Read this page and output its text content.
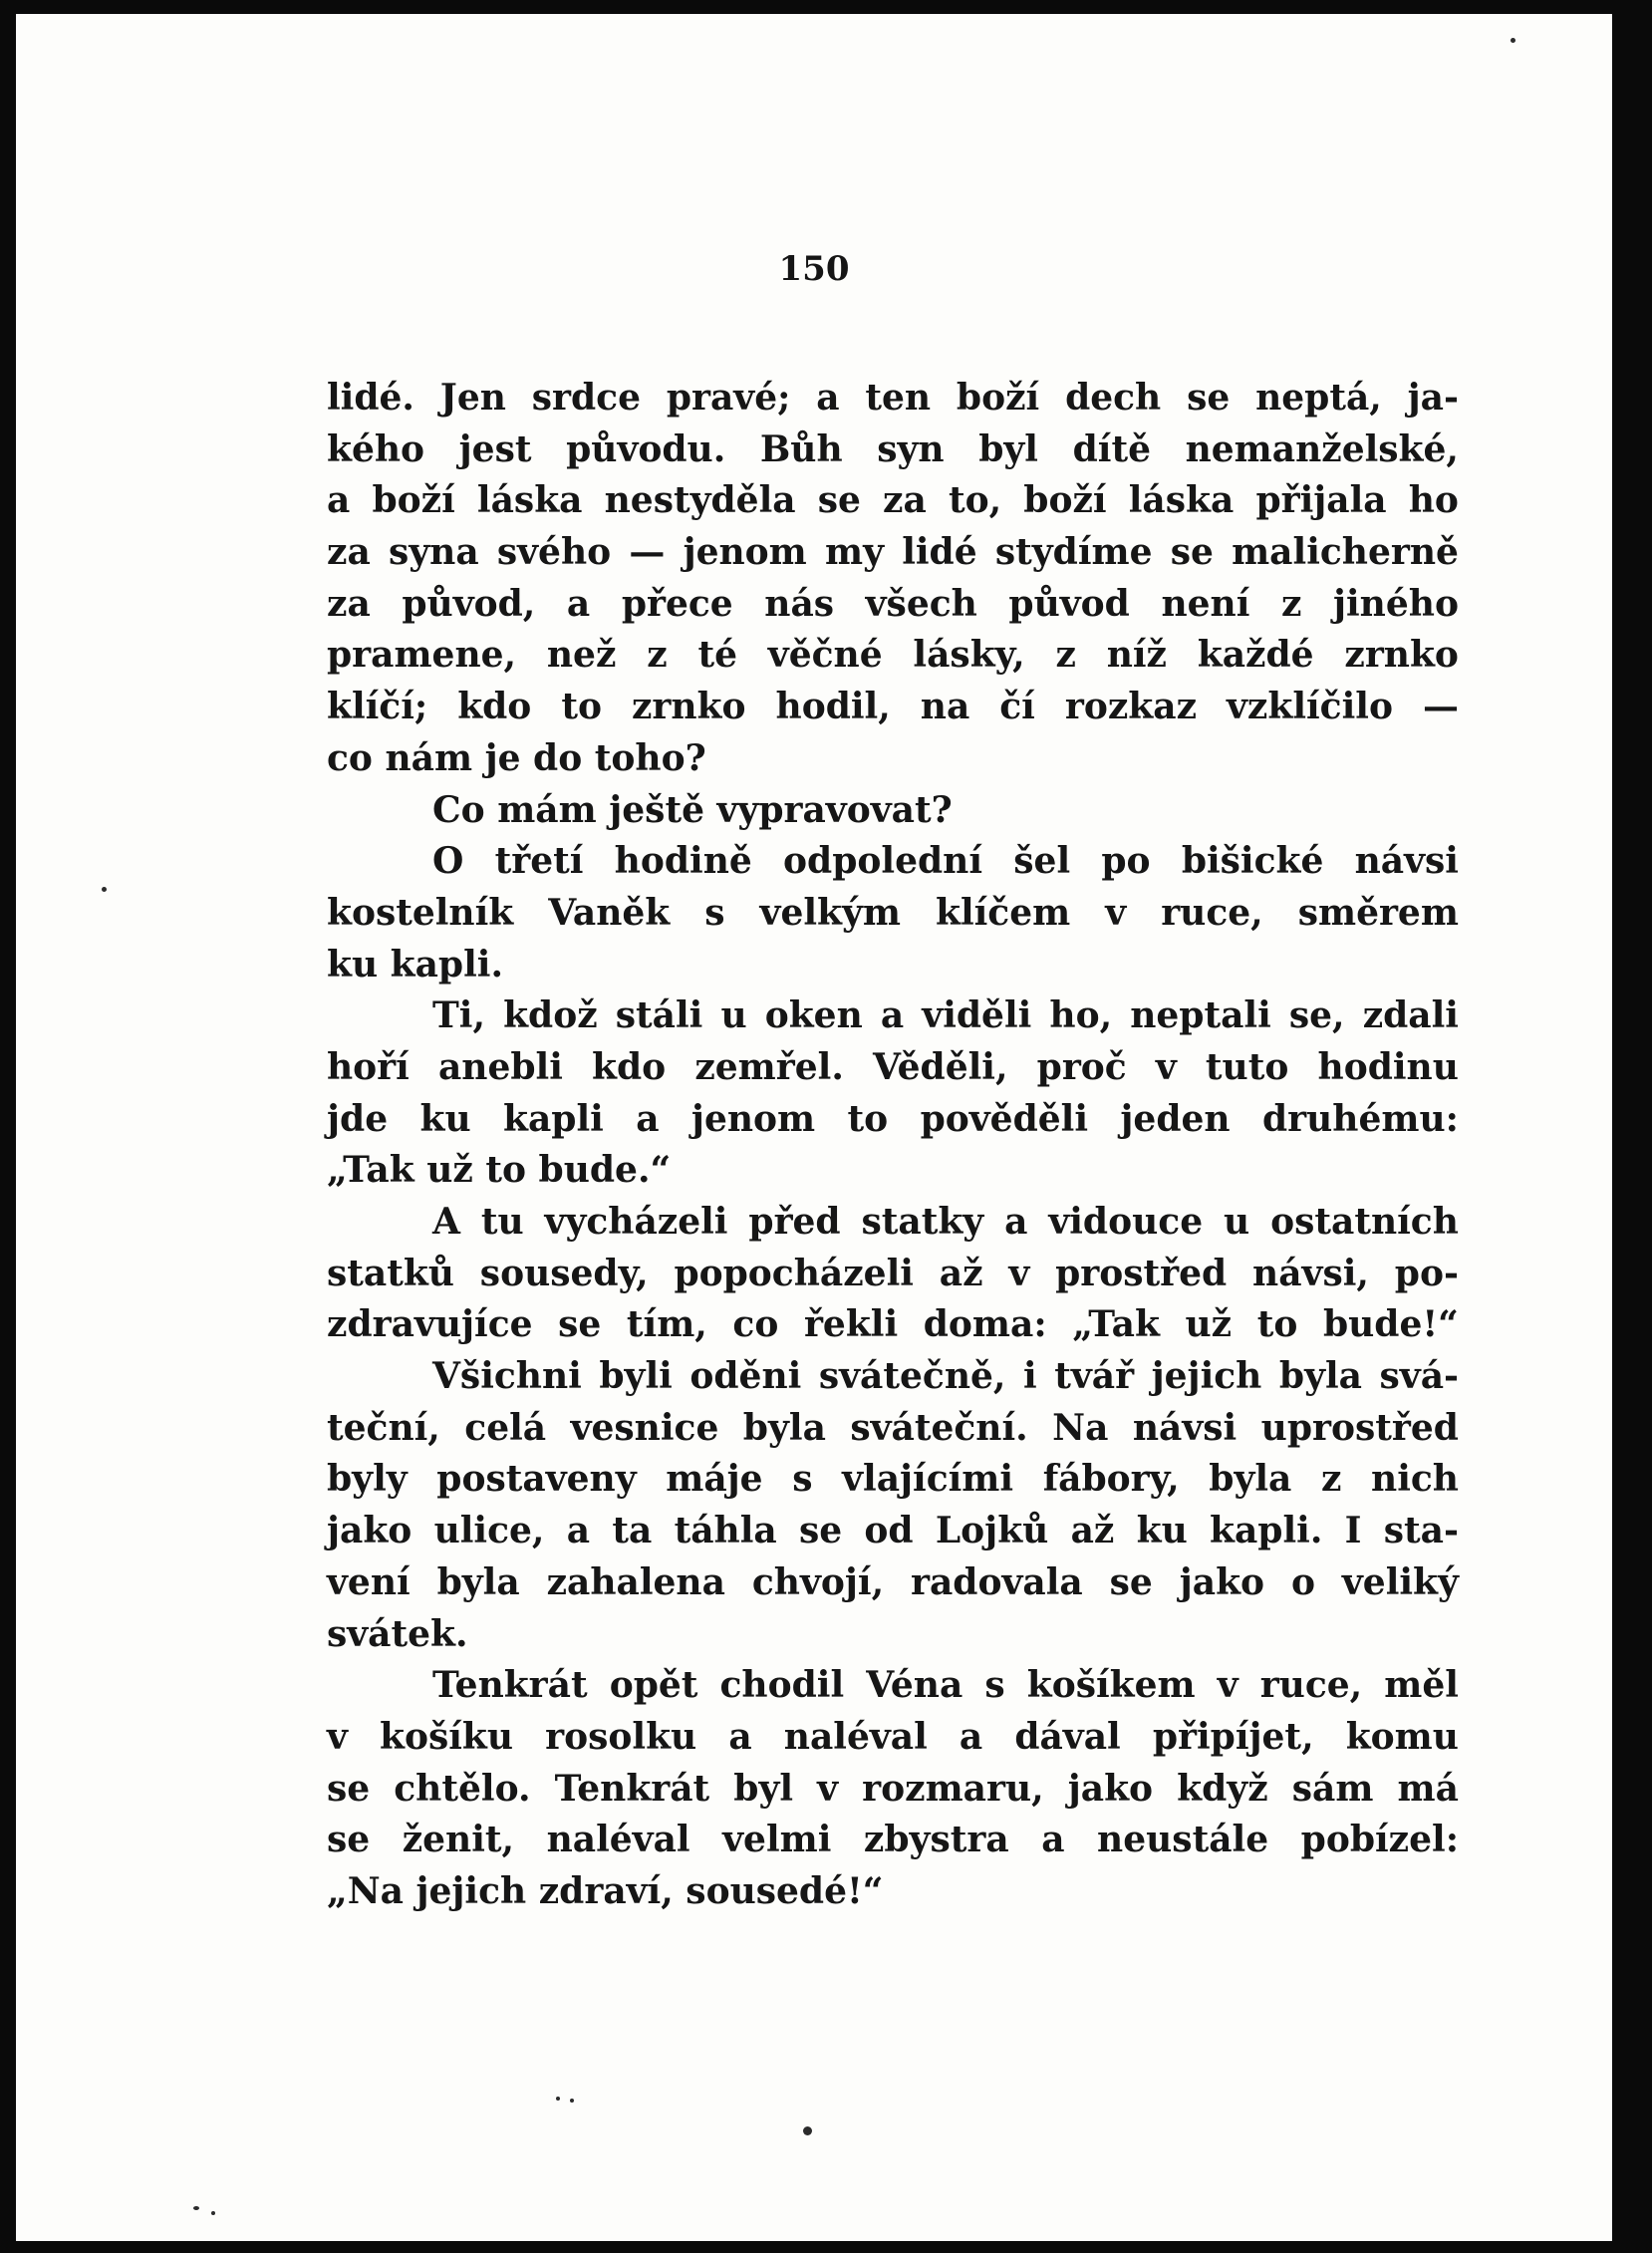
150
lidé. Jen srdce pravé; a ten boží dech se neptá, ja-
kého jest původu. Bůh syn byl dítě nemanželské,
a boží láska nestyděla se za to, boží láska přijala ho
za syna svého — jenom my lidé stydíme se malicherně
za původ, a přece nás všech původ není z jiného
pramene, než z té věčné lásky, z níž každé zrnko
klíčí; kdo to zrnko hodil, na čí rozkaz vzklíčilo —
co nám je do toho?
Co mám ještě vypravovat?
O třetí hodině odpolední šel po bišické návsi
kostelník Vaněk s velkým klíčem v ruce, směrem
ku kapli.
Ti, kdož stáli u oken a viděli ho, neptali se, zdali
hoří anebli kdo zemřel. Věděli, proč v tuto hodinu
jde ku kapli a jenom to pověděli jeden druhému:
„Tak už to bude.“
A tu vycházeli před statky a vidouce u ostatních
statků sousedy, popocházeli až v prostřed návsi, po-
zdravujíce se tím, co řekli doma: „Tak už to bude!“
Všichni byli oděni svátečně, i tvář jejich byla svá-
teční, celá vesnice byla sváteční. Na návsi uprostřed
byly postaveny máje s vlajícími fábory, byla z nich
jako ulice, a ta táhla se od Lojků až ku kapli. I sta-
vení byla zahalena chvojí, radovala se jako o veliký
svátek.
Tenkrát opět chodil Véna s košíkem v ruce, měl
v košíku rosolku a naléval a dával připíjet, komu
se chtělo. Tenkrát byl v rozmaru, jako když sám má
se ženit, naléval velmi zbystra a neustále pobízel:
„Na jejich zdraví, sousedé!“
